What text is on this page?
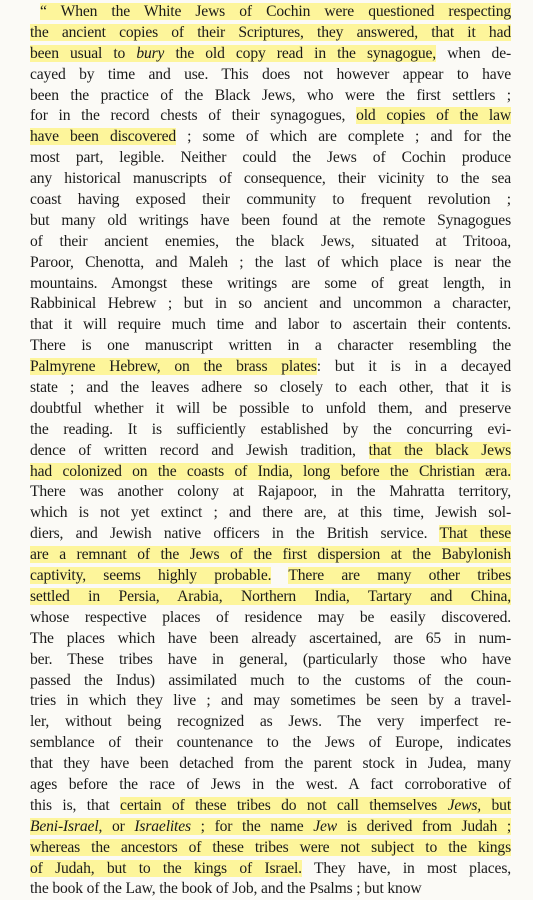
“ When the White Jews of Cochin were questioned respecting
the ancient copies of their Scriptures, they answered, that it had
been usual to bury the old copy read in the synagogue, when de-
cayed by time and use. This does not however appear to have
been the practice of the Black Jews, who were the first settlers ;
for in the record chests of their synagogues, old copies of the law
have been discovered ; some of which are complete ; and for the
most part, legible. Neither could the Jews of Cochin produce
any historical manuscripts of consequence, their vicinity to the sea
coast having exposed their community to frequent revolution ;
but many old writings have been found at the remote Synagogues
of their ancient enemies, the black Jews, situated at Tritooa,
Paroor, Chenotta, and Maleh ; the last of which place is near the
mountains. Amongst these writings are some of great length, in
Rabbinical Hebrew ; but in so ancient and uncommon a character,
that it will require much time and labor to ascertain their contents.
There is one manuscript written in a character resembling the
Palmyrene Hebrew, on the brass plates: but it is in a decayed
state ; and the leaves adhere so closely to each other, that it is
doubtful whether it will be possible to unfold them, and preserve
the reading. It is sufficiently established by the concurring evi-
dence of written record and Jewish tradition, that the black Jews
had colonized on the coasts of India, long before the Christian æra.
There was another colony at Rajapoor, in the Mahratta territory,
which is not yet extinct ; and there are, at this time, Jewish sol-
diers, and Jewish native officers in the British service. That these
are a remnant of the Jews of the first dispersion at the Babylonish
captivity, seems highly probable. There are many other tribes
settled in Persia, Arabia, Northern India, Tartary and China,
whose respective places of residence may be easily discovered.
The places which have been already ascertained, are 65 in num-
ber. These tribes have in general, (particularly those who have
passed the Indus) assimilated much to the customs of the coun-
tries in which they live ; and may sometimes be seen by a travel-
ler, without being recognized as Jews. The very imperfect re-
semblance of their countenance to the Jews of Europe, indicates
that they have been detached from the parent stock in Judea, many
ages before the race of Jews in the west. A fact corroborative of
this is, that certain of these tribes do not call themselves Jews, but
Beni-Israel, or Israelites ; for the name Jew is derived from Judah ;
whereas the ancestors of these tribes were not subject to the kings
of Judah, but to the kings of Israel. They have, in most places,
the book of the Law, the book of Job, and the Psalms ; but know
